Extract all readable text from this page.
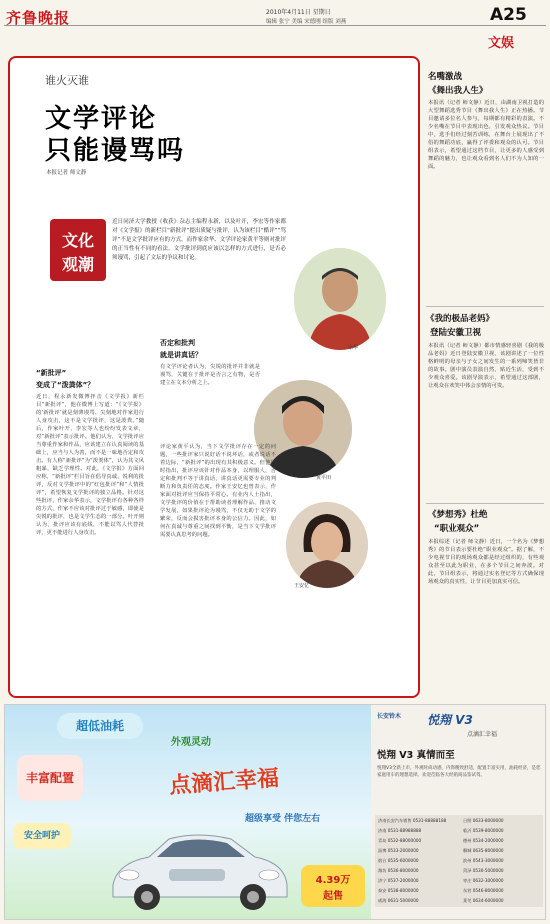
齐鲁晚报	2010年4月11日 星期日
编辑 张宁 美编 宋德刚 组版 刘燕	A25
文娱
谁火灭谁
文学评论
只能谩骂吗
本报记者 师文静
文化
观潮
近日同济大学教授《收获》杂志主编程永新，以及叶开，李宏等作家都对《文学报》的新栏目“新批评”提出质疑与批评，认为该栏目“酷评”“骂评”不是文学批评应有的方式。而作家余华、文学评论家黄平等则对批评的正当性有不同的看法。文学批评到底应该以怎样的方式进行，是否必须谩骂，引起了文坛的争议和讨论。
余华
黄平田
王安忆
“新批评”
变成了“泼粪体”？
近日，程永新发微博抨击《文学报》新栏目“新批评”，他在微博上写道：“《文学报》的‘新批评’就是刻薄谩骂、尖刻地对作家进行人身攻击，这不是文学批评，这是泼粪。”随后，作家叶开、李宏等人也纷纷发表文章，对“新批评”表示批评。他们认为，文学批评应当尊重作家和作品，应该建立在认真阅读的基础上，应当与人为善，而不是一味地否定和攻击。有人称“新批评”为“泼粪体”，认为其文风粗暴，缺乏学理性。对此，《文学报》方面回应称，“新批评”栏目旨在倡导真诚、锐利的批评，反对文学批评中的“红包批评”和“人情批评”，希望恢复文学批评的独立品格。针对这些批评，作家余华表示，文学批评有各种各样的方式，作家不应该对批评过于敏感，即使是尖锐的批评，也是文学生态的一部分。叶开则认为，批评应该有底线，不能以骂人代替批评，更不能进行人身攻击。
否定和批判
就是讲真话？
有文学评论者认为，尖锐的批评并非就是谩骂，关键在于批评是否言之有物，是否建立在文本分析之上。
评论家黄平认为，当下文学批评存在一定的问题，一些批评家只说好话不说坏话，或者说话不着边际，“新批评”的出现有其积极意义。但他同时指出，批评应该针对作品本身，以理服人，否定和批判不等于讲真话，讲真话更需要专业的判断力和负责任的态度。作家王安忆也曾表示，作家面对批评应当保持平常心。有业内人士指出，文学批评的价值在于帮助读者理解作品、推动文学发展，如果批评沦为谩骂，不仅无助于文学的繁荣，反而会损害批评本身的公信力。因此，如何在真诚与尊重之间找到平衡，是当下文学批评需要认真思考的问题。
名嘴激战
《舞出我人生》
本报讯（记者 师文静）近日，由湖南卫视打造的大型舞蹈选秀节目《舞出我人生》正在热播。节目邀请多位名人参与，每期都有精彩的表演。不少名嘴在节目中表现出色，引发观众热议。节目中，选手们经过刻苦训练，在舞台上展现出了不俗的舞蹈功底，赢得了评委和观众的认可。节目组表示，希望通过这档节目，让更多的人感受到舞蹈的魅力，也让观众看到名人们不为人知的一面。
《我的极品老妈》
登陆安徽卫视
本报讯（记者 师文静）都市情感轻喜剧《我的极品老妈》近日登陆安徽卫视，该剧讲述了一位性格鲜明的母亲与子女之间发生的一系列啼笑皆非的故事。剧中演员表演自然，贴近生活，受到不少观众喜爱。该剧导演表示，希望通过这部剧，让观众在欢笑中体会亲情的可贵。
《梦想秀》杜绝
“职业观众”
本报综述（记者 师文静）近日，一个名为《梦想秀》的节目表示要杜绝“职业观众”。据了解，不少电视节目的现场观众都是经过组织的，有些观众甚至以此为职业，在多个节目之间奔波。对此，节目组表示，将通过实名登记等方式确保现场观众的真实性，让节目更加真实可信。
超低油耗
外观灵动
丰富配置
安全呵护
点滴汇幸福
超级享受 伴您左右
4.39万
起售
长安铃木 悦翔 V3
点滴汇幸福
悦翔 V3 真情而至
悦翔V3全新上市，外观时尚动感，内饰精致舒适，配置丰富实用，油耗经济，是您家庭用车的理想选择。欢迎莅临各大经销商品鉴试驾。
济南长安汽车销售 0531-88888188
济南 0531-88988888
青岛 0532-88000000
淄博 0533-2000000
烟台 0535-6000000
潍坊 0536-8000000
济宁 0537-2000000
泰安 0538-8000000
威海 0631-5000000
日照 0633-8000000
临沂 0539-8000000
德州 0534-2000000
聊城 0635-8000000
滨州 0543-3000000
菏泽 0530-5000000
枣庄 0632-3000000
东营 0546-8000000
莱芜 0634-6000000
